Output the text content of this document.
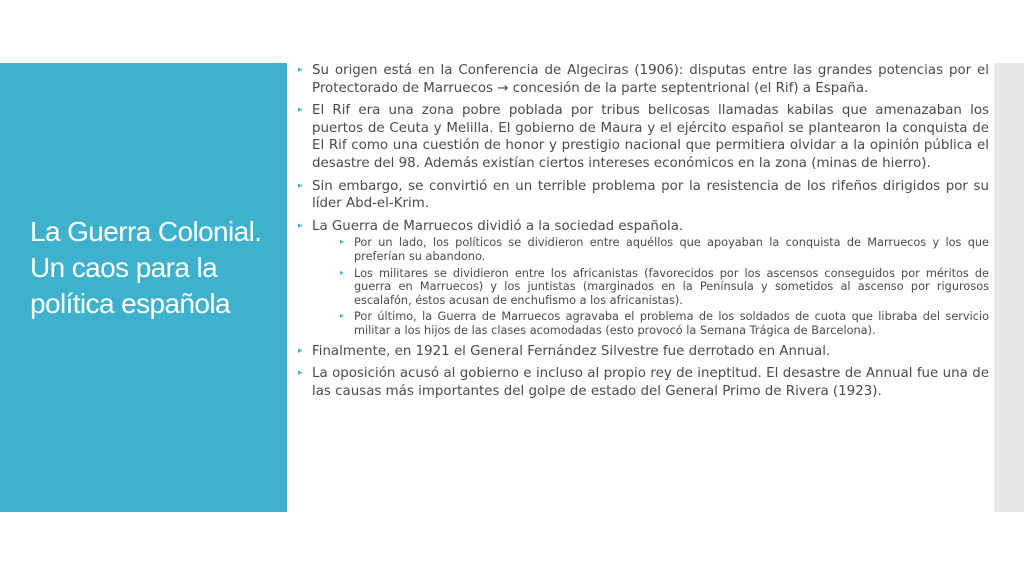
La Guerra Colonial. Un caos para la política española
▸ Su origen está en la Conferencia de Algeciras (1906): disputas entre las grandes potencias por el Protectorado de Marruecos → concesión de la parte septentrional (el Rif) a España.
▸ El Rif era una zona pobre poblada por tribus belicosas llamadas kabilas que amenazaban los puertos de Ceuta y Melilla. El gobierno de Maura y el ejército español se plantearon la conquista de El Rif como una cuestión de honor y prestigio nacional que permitiera olvidar a la opinión pública el desastre del 98. Además existían ciertos intereses económicos en la zona (minas de hierro).
▸ Sin embargo, se convirtió en un terrible problema por la resistencia de los rifeños dirigidos por su líder Abd-el-Krim.
▸ La Guerra de Marruecos dividió a la sociedad española.
▸ Por un lado, los políticos se dividieron entre aquéllos que apoyaban la conquista de Marruecos y los que preferían su abandono.
▸ Los militares se dividieron entre los africanistas (favorecidos por los ascensos conseguidos por méritos de guerra en Marruecos) y los juntistas (marginados en la Península y sometidos al ascenso por rigurosos escalafón, éstos acusan de enchufismo a los africanistas).
▸ Por último, la Guerra de Marruecos agravaba el problema de los soldados de cuota que libraba del servicio militar a los hijos de las clases acomodadas (esto provocó la Semana Trágica de Barcelona).
▸ Finalmente, en 1921 el General Fernández Silvestre fue derrotado en Annual.
▸ La oposición acusó al gobierno e incluso al propio rey de ineptitud. El desastre de Annual fue una de las causas más importantes del golpe de estado del General Primo de Rivera (1923).
